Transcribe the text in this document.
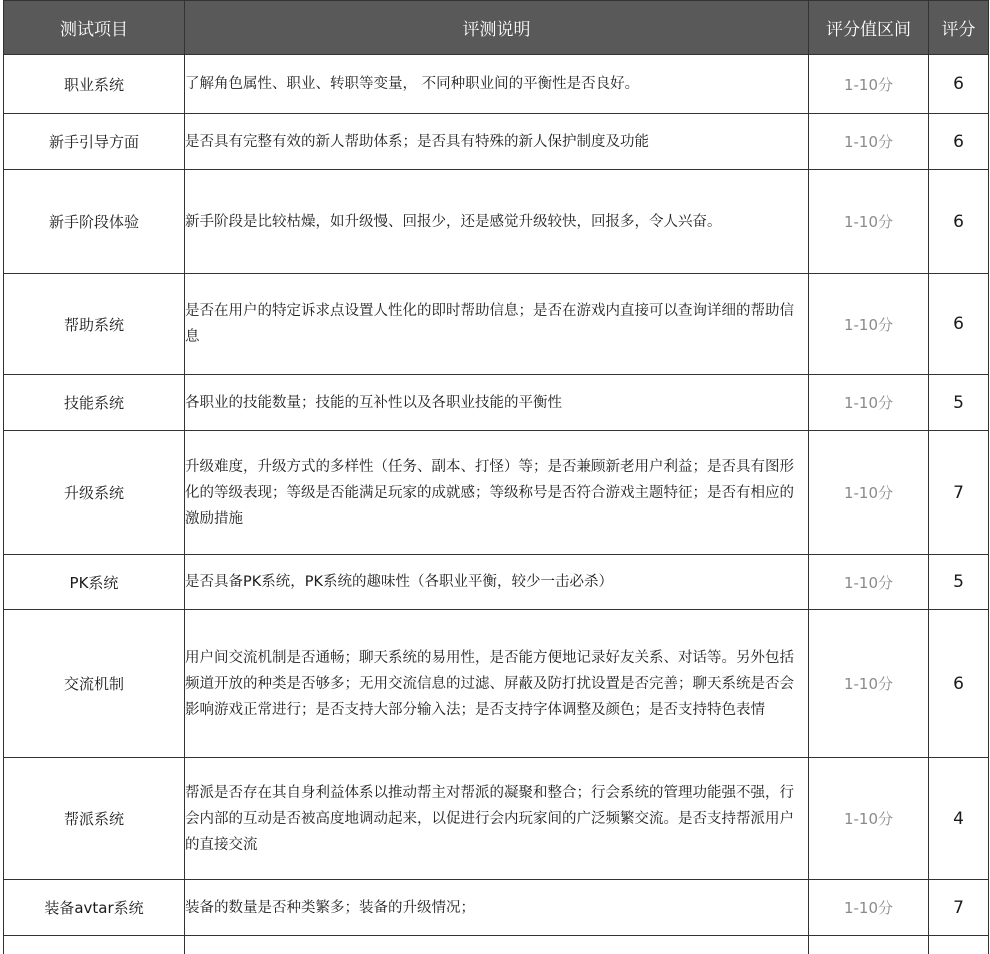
测试项目	评测说明	评分值区间	评分
职业系统	了解角色属性、职业、转职等变量， 不同种职业间的平衡性是否良好。	1-10分	6
新手引导方面	是否具有完整有效的新人帮助体系；是否具有特殊的新人保护制度及功能	1-10分	6
新手阶段体验	新手阶段是比较枯燥，如升级慢、回报少，还是感觉升级较快，回报多，令人兴奋。	1-10分	6
帮助系统	是否在用户的特定诉求点设置人性化的即时帮助信息；是否在游戏内直接可以查询详细的帮助信息	1-10分	6
技能系统	各职业的技能数量；技能的互补性以及各职业技能的平衡性	1-10分	5
升级系统	升级难度，升级方式的多样性（任务、副本、打怪）等；是否兼顾新老用户利益；是否具有图形化的等级表现；等级是否能满足玩家的成就感；等级称号是否符合游戏主题特征；是否有相应的激励措施	1-10分	7
PK系统	是否具备PK系统，PK系统的趣味性（各职业平衡，较少一击必杀）	1-10分	5
交流机制	用户间交流机制是否通畅；聊天系统的易用性，是否能方便地记录好友关系、对话等。另外包括频道开放的种类是否够多；无用交流信息的过滤、屏蔽及防打扰设置是否完善；聊天系统是否会影响游戏正常进行；是否支持大部分输入法；是否支持字体调整及颜色；是否支持特色表情	1-10分	6
帮派系统	帮派是否存在其自身利益体系以推动帮主对帮派的凝聚和整合；行会系统的管理功能强不强，行会内部的互动是否被高度地调动起来，以促进行会内玩家间的广泛频繁交流。是否支持帮派用户的直接交流	1-10分	4
装备avtar系统	装备的数量是否种类繁多；装备的升级情况；	1-10分	7
